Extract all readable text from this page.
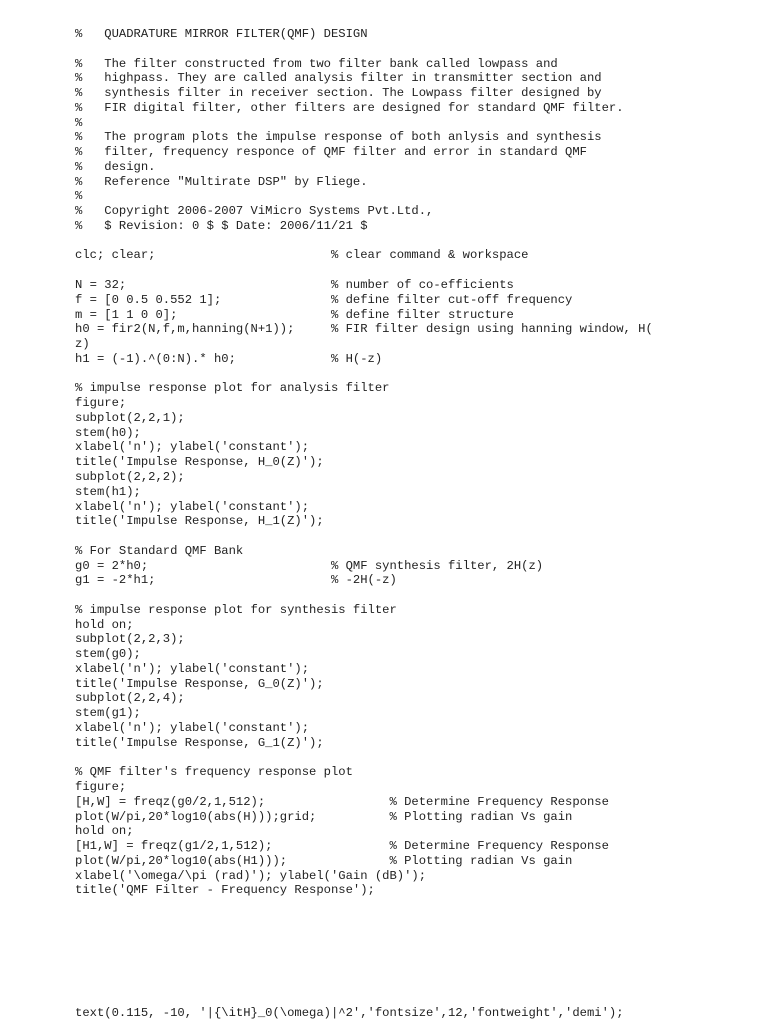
%   QUADRATURE MIRROR FILTER(QMF) DESIGN
%   The filter constructed from two filter bank called lowpass and
%   highpass. They are called analysis filter in transmitter section and
%   synthesis filter in receiver section. The Lowpass filter designed by
%   FIR digital filter, other filters are designed for standard QMF filter.
%
%   The program plots the impulse response of both anlysis and synthesis
%   filter, frequency responce of QMF filter and error in standard QMF
%   design.
%   Reference "Multirate DSP" by Fliege.
%
%   Copyright 2006-2007 ViMicro Systems Pvt.Ltd.,
%   $ Revision: 0 $ $ Date: 2006/11/21 $
clc; clear;                        % clear command & workspace
N = 32;                            % number of co-efficients
f = [0 0.5 0.552 1];               % define filter cut-off frequency
m = [1 1 0 0];                     % define filter structure
h0 = fir2(N,f,m,hanning(N+1));     % FIR filter design using hanning window, H(
z)
h1 = (-1).^(0:N).* h0;             % H(-z)
% impulse response plot for analysis filter
figure;
subplot(2,2,1);
stem(h0);
xlabel('n'); ylabel('constant');
title('Impulse Response, H_0(Z)');
subplot(2,2,2);
stem(h1);
xlabel('n'); ylabel('constant');
title('Impulse Response, H_1(Z)');
% For Standard QMF Bank
g0 = 2*h0;                         % QMF synthesis filter, 2H(z)
g1 = -2*h1;                        % -2H(-z)
% impulse response plot for synthesis filter
hold on;
subplot(2,2,3);
stem(g0);
xlabel('n'); ylabel('constant');
title('Impulse Response, G_0(Z)');
subplot(2,2,4);
stem(g1);
xlabel('n'); ylabel('constant');
title('Impulse Response, G_1(Z)');
% QMF filter's frequency response plot
figure;
[H,W] = freqz(g0/2,1,512);                 % Determine Frequency Response
plot(W/pi,20*log10(abs(H)));grid;          % Plotting radian Vs gain
hold on;
[H1,W] = freqz(g1/2,1,512);                % Determine Frequency Response
plot(W/pi,20*log10(abs(H1)));              % Plotting radian Vs gain
xlabel('\omega/\pi (rad)'); ylabel('Gain (dB)');
title('QMF Filter - Frequency Response');
text(0.115, -10, '|{\itH}_0(\omega)|^2','fontsize',12,'fontweight','demi');
